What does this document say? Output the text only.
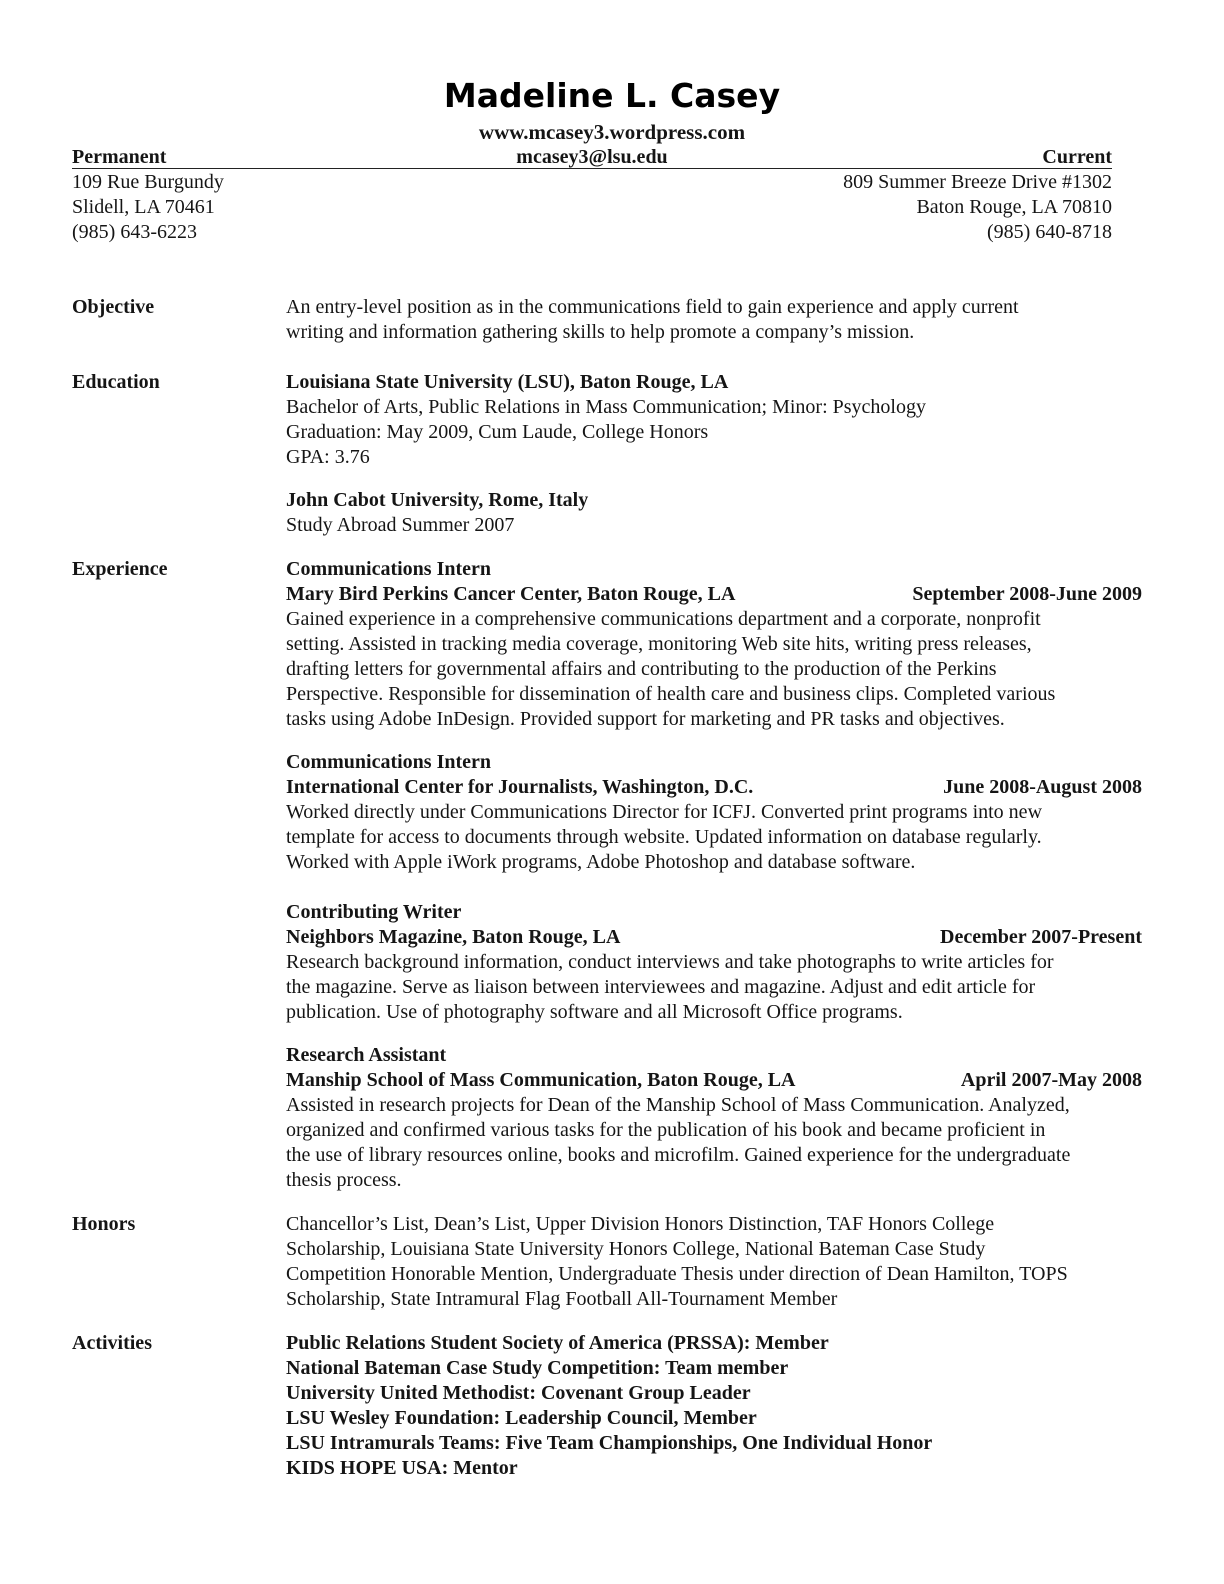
Madeline L. Casey
www.mcasey3.wordpress.com
Permanent	mcasey3@lsu.edu	Current
109 Rue Burgundy
Slidell, LA 70461
(985) 643-6223
809 Summer Breeze Drive #1302
Baton Rouge, LA 70810
(985) 640-8718
Objective	An entry-level position as in the communications field to gain experience and apply current
writing and information gathering skills to help promote a company’s mission.
Education	Louisiana State University (LSU), Baton Rouge, LA
Bachelor of Arts, Public Relations in Mass Communication; Minor: Psychology
Graduation: May 2009, Cum Laude, College Honors
GPA: 3.76
John Cabot University, Rome, Italy
Study Abroad Summer 2007
Experience	Communications Intern
Mary Bird Perkins Cancer Center, Baton Rouge, LA	September 2008-June 2009
Gained experience in a comprehensive communications department and a corporate, nonprofit
setting. Assisted in tracking media coverage, monitoring Web site hits, writing press releases,
drafting letters for governmental affairs and contributing to the production of the Perkins
Perspective. Responsible for dissemination of health care and business clips. Completed various
tasks using Adobe InDesign. Provided support for marketing and PR tasks and objectives.
Communications Intern
International Center for Journalists, Washington, D.C.	June 2008-August 2008
Worked directly under Communications Director for ICFJ. Converted print programs into new
template for access to documents through website. Updated information on database regularly.
Worked with Apple iWork programs, Adobe Photoshop and database software.
Contributing Writer
Neighbors Magazine, Baton Rouge, LA	December 2007-Present
Research background information, conduct interviews and take photographs to write articles for
the magazine. Serve as liaison between interviewees and magazine. Adjust and edit article for
publication. Use of photography software and all Microsoft Office programs.
Research Assistant
Manship School of Mass Communication, Baton Rouge, LA	April 2007-May 2008
Assisted in research projects for Dean of the Manship School of Mass Communication. Analyzed,
organized and confirmed various tasks for the publication of his book and became proficient in
the use of library resources online, books and microfilm. Gained experience for the undergraduate
thesis process.
Honors	Chancellor’s List, Dean’s List, Upper Division Honors Distinction, TAF Honors College
Scholarship, Louisiana State University Honors College, National Bateman Case Study
Competition Honorable Mention, Undergraduate Thesis under direction of Dean Hamilton, TOPS
Scholarship, State Intramural Flag Football All-Tournament Member
Activities	Public Relations Student Society of America (PRSSA): Member
National Bateman Case Study Competition: Team member
University United Methodist: Covenant Group Leader
LSU Wesley Foundation: Leadership Council, Member
LSU Intramurals Teams: Five Team Championships, One Individual Honor
KIDS HOPE USA: Mentor
